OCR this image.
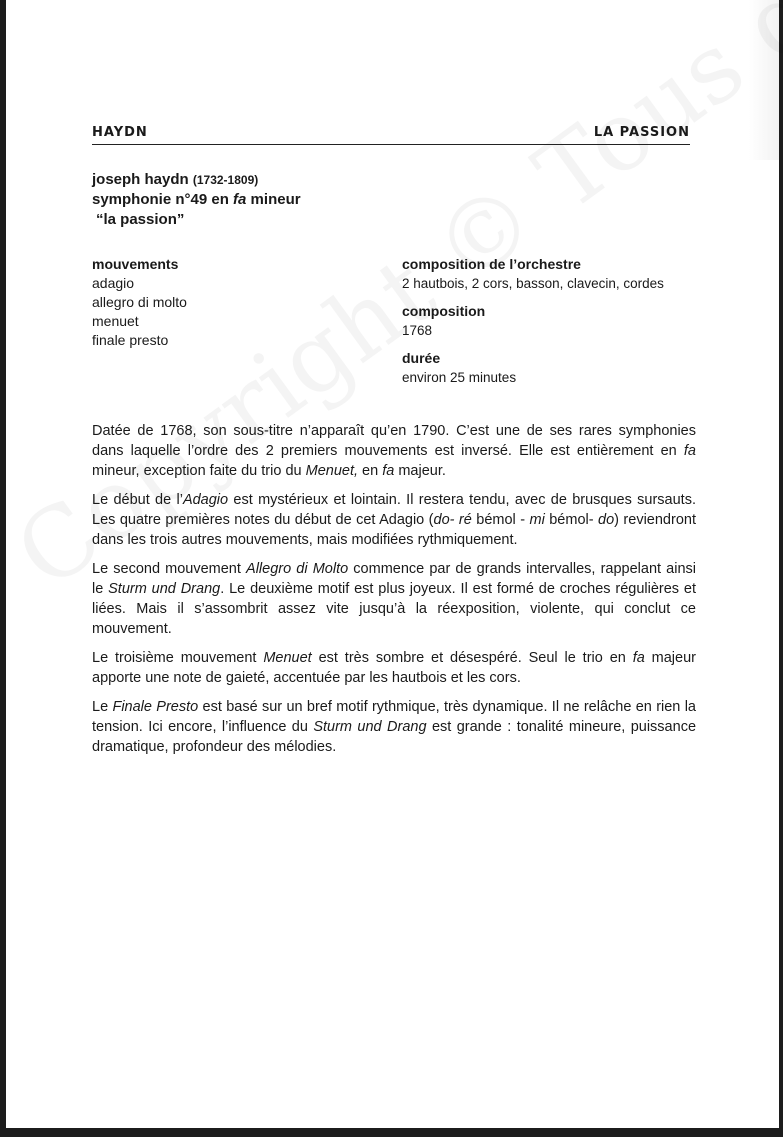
HAYDN	LA PASSION

joseph haydn (1732-1809)

symphonie n°49 en fa mineur

“la passion”

mouvements

adagio

allegro di molto

menuet

finale presto

composition de l’orchestre

2 hautbois, 2 cors, basson, clavecin, cordes

composition

1768

durée

environ 25 minutes

Datée de 1768, son sous-titre n’apparaît qu’en 1790. C’est une de ses rares symphonies dans laquelle l’ordre des 2 premiers mouvements est inversé. Elle est entièrement en fa mineur, exception faite du trio du Menuet, en fa majeur.

Le début de l’Adagio est mystérieux et lointain. Il restera tendu, avec de brusques sursauts. Les quatre premières notes du début de cet Adagio (do- ré bémol - mi bémol- do) reviendront dans les trois autres mouvements, mais modifiées rythmiquement.

Le second mouvement Allegro di Molto commence par de grands intervalles, rappelant ainsi le Sturm und Drang. Le deuxième motif est plus joyeux. Il est formé de croches régulières et liées. Mais il s’assombrit assez vite jusqu’à la réexposition, violente, qui conclut ce mouvement.

Le troisième mouvement Menuet est très sombre et désespéré. Seul le trio en fa majeur apporte une note de gaieté, accentuée par les hautbois et les cors.

Le Finale Presto est basé sur un bref motif rythmique, très dynamique. Il ne relâche en rien la tension. Ici encore, l’influence du Sturm und Drang est grande : tonalité mineure, puissance dramatique, profondeur des mélodies.
